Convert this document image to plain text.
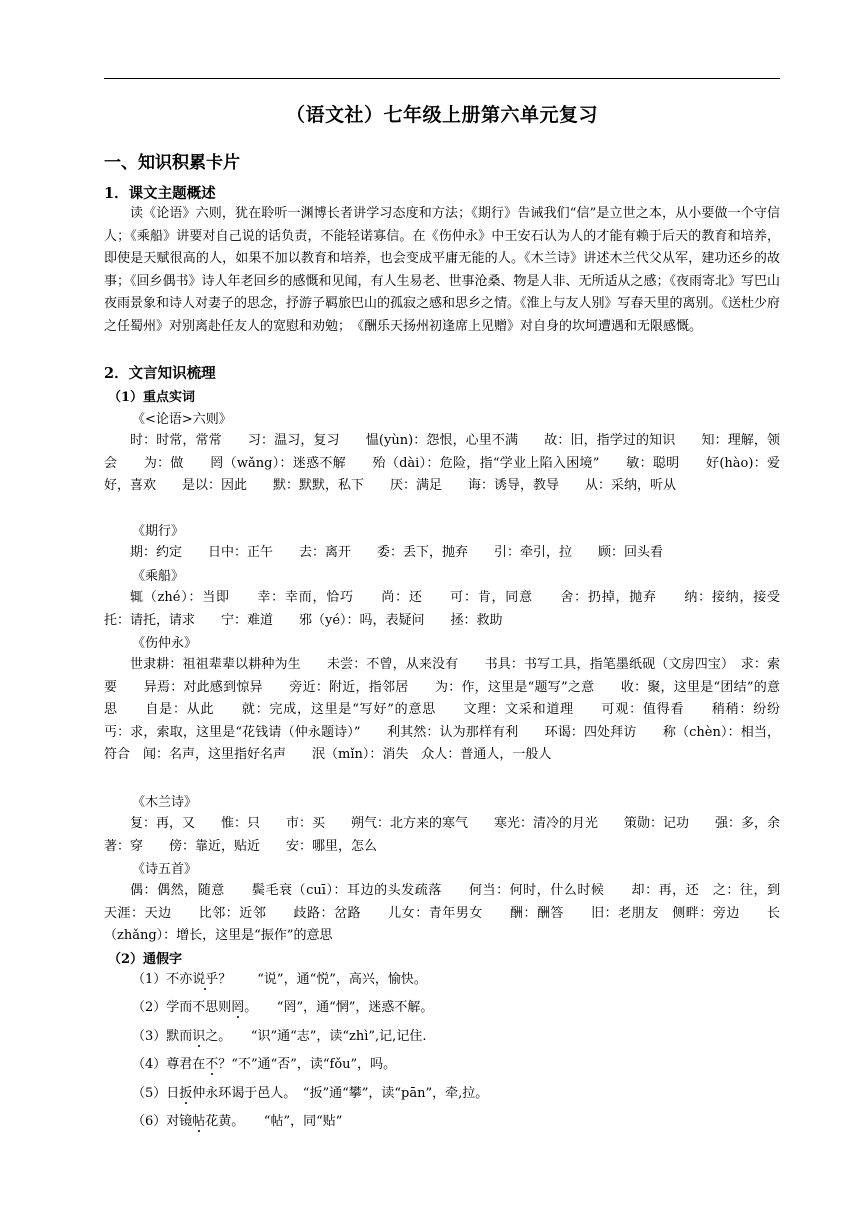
（语文社）七年级上册第六单元复习
一、知识积累卡片
1．课文主题概述
读《论语》六则，犹在聆听一渊博长者讲学习态度和方法；《期行》告诫我们“信”是立世之本，从小要做一个守信人；《乘船》讲要对自己说的话负责，不能轻诺寡信。在《伤仲永》中王安石认为人的才能有赖于后天的教育和培养，即使是天赋很高的人，如果不加以教育和培养，也会变成平庸无能的人。《木兰诗》讲述木兰代父从军，建功还乡的故事；《回乡偶书》诗人年老回乡的感慨和见闻，有人生易老、世事沧桑、物是人非、无所适从之感；《夜雨寄北》写巴山夜雨景象和诗人对妻子的思念，抒游子羁旅巴山的孤寂之感和思乡之情。《淮上与友人别》写春天里的离别。《送杜少府之任蜀州》对别离赴任友人的宽慰和劝勉；　《酬乐天扬州初逢席上见赠》对自身的坎坷遭遇和无限感慨。
2．文言知识梳理
（1）重点实词
《<论语>六则》
时：时常，常常　　习：温习，复习　　愠(yùn)：怨恨，心里不满　　故：旧，指学过的知识　　知：理解，领会　　为：做　　罔（wǎng）：迷惑不解　　殆（dài）：危险，指“学业上陷入困境”　　敏：聪明　　好(hào)：爱好，喜欢　　是以：因此　　默：默默，私下　　厌：满足　　诲：诱导，教导　　从：采纳，听从
《期行》
期：约定　　日中：正午　　去：离开　　委：丢下，抛弃　　引：牵引，拉　　顾：回头看
《乘船》
辄（zhé）：当即　　幸：幸而，恰巧　　尚：还　　可：肯，同意　　舍：扔掉，抛弃　　纳：接纳，接受　　托：请托，请求　　宁：难道　　邪（yé）：吗，表疑问　　拯：救助
《伤仲永》
世隶耕：祖祖辈辈以耕种为生　　未尝：不曾，从来没有　　书具：书写工具，指笔墨纸砚（文房四宝）　求：索要　　异焉：对此感到惊异　　旁近：附近，指邻居　　为：作，这里是“题写”之意　　收：聚，这里是“团结”的意思　　自是：从此　　就：完成，这里是“写好”的意思　　文理：文采和道理　　可观：值得看　　稍稍：纷纷　　丐：求，索取，这里是“花钱请（仲永题诗）”　　利其然：认为那样有利　　环谒：四处拜访　　称（chèn）：相当，符合　闻：名声，这里指好名声　　泯（mǐn）：消失　众人：普通人，一般人
《木兰诗》
复：再，又　　惟：只　　市：买　　朔气：北方来的寒气　　寒光：清冷的月光　　策勋：记功　　强：多，余　　著：穿　　傍：靠近，贴近　　安：哪里，怎么
《诗五首》
偶：偶然，随意　　鬓毛衰（cuī）：耳边的头发疏落　　何当：何时，什么时候　　却：再，还　之：往，到　　天涯：天边　　比邻：近邻　　歧路：岔路　　儿女：青年男女　　酬：酬答　　旧：老朋友　侧畔：旁边　　长（zhǎng）：增长，这里是“振作”的意思
（2）通假字
（1）不亦说乎？　　“说”，通“悦”，高兴，愉快。
（2）学而不思则罔。　　“罔”，通“惘”，迷惑不解。
（3）默而识之。　　“识”通“志”，读“zhì”,记,记住.
（4）尊君在不？“不”通“否”，读“fǒu”，吗。
（5）日扳仲永环谒于邑人。　“扳”通“攀”，读“pān”，牵,拉。
（6）对镜帖花黄。　　“帖”，同“贴”
